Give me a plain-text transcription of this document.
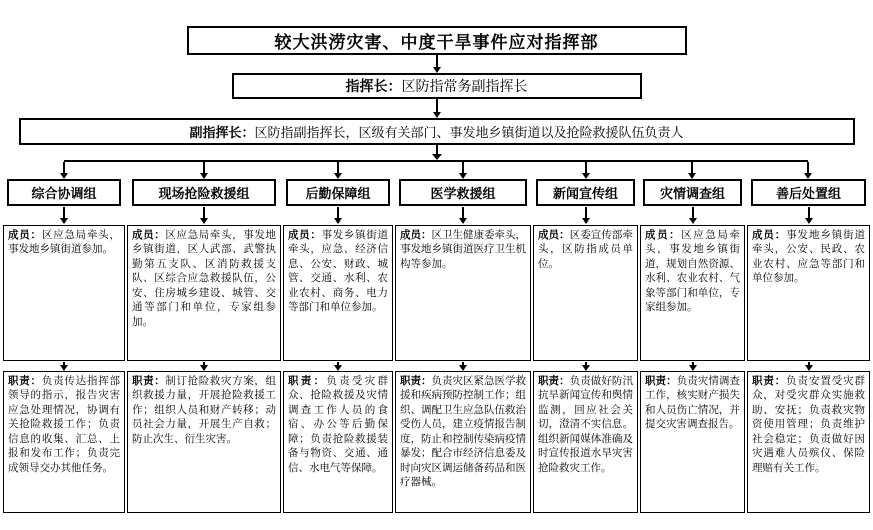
较大洪涝灾害、中度干旱事件应对指挥部
指挥长： 区防指常务副指挥长
副指挥长： 区防指副指挥长，区级有关部门、事发地乡镇街道以及抢险救援队伍负责人
综合协调组
成员：区应急局牵头，事发地乡镇街道参加。
职责：负责传达指挥部领导的指示，报告灾害应急处理情况，协调有关抢险救援工作；负责信息的收集、汇总、上报和发布工作；负责完成领导交办其他任务。
现场抢险救援组
成员：区应急局牵头，事发地乡镇街道，区人武部、武警执勤第五支队、区消防救援支队、区综合应急救援队伍，公安、住房城乡建设、城管、交通等部门和单位，专家组参加。
职责：制订抢险救灾方案，组织救援力量，开展抢险救援工作；组织人员和财产转移；动员社会力量，开展生产自救；防止次生、衍生灾害。
后勤保障组
成员：事发乡镇街道牵头，应急、经济信息、公安、财政、城管、交通、水利、农业农村、商务、电力等部门和单位参加。
职责：负责受灾群众、抢险救援及灾情调查工作人员的食宿、办公等后勤保障；负责抢险救援装备与物资、交通、通信、水电气等保障。
医学救援组
成员：区卫生健康委牵头，事发地乡镇街道医疗卫生机构等参加。
职责：负责灾区紧急医学救援和疾病预防控制工作；组织、调配卫生应急队伍救治受伤人员，建立疫情报告制度，防止和控制传染病疫情暴发；配合市经济信息委及时向灾区调运储备药品和医疗器械。
新闻宣传组
成员：区委宣传部牵头，区防指成员单位。
职责：负责做好防汛抗旱新闻宣传和舆情监测，回应社会关切，澄清不实信息。组织新闻媒体准确及时宣传报道水旱灾害抢险救灾工作。
灾情调查组
成员：区应急局牵头，事发地乡镇街道，规划自然资源、水利、农业农村、气象等部门和单位，专家组参加。
职责：负责灾情调查工作，核实财产损失和人员伤亡情况，并提交灾害调查报告。
善后处置组
成员：事发地乡镇街道牵头，公安、民政、农业农村、应急等部门和单位参加。
职责：负责安置受灾群众，对受灾群众实施救助、安抚；负责救灾物资使用管理；负责维护社会稳定；负责做好因灾遇难人员殡仪、保险理赔有关工作。
